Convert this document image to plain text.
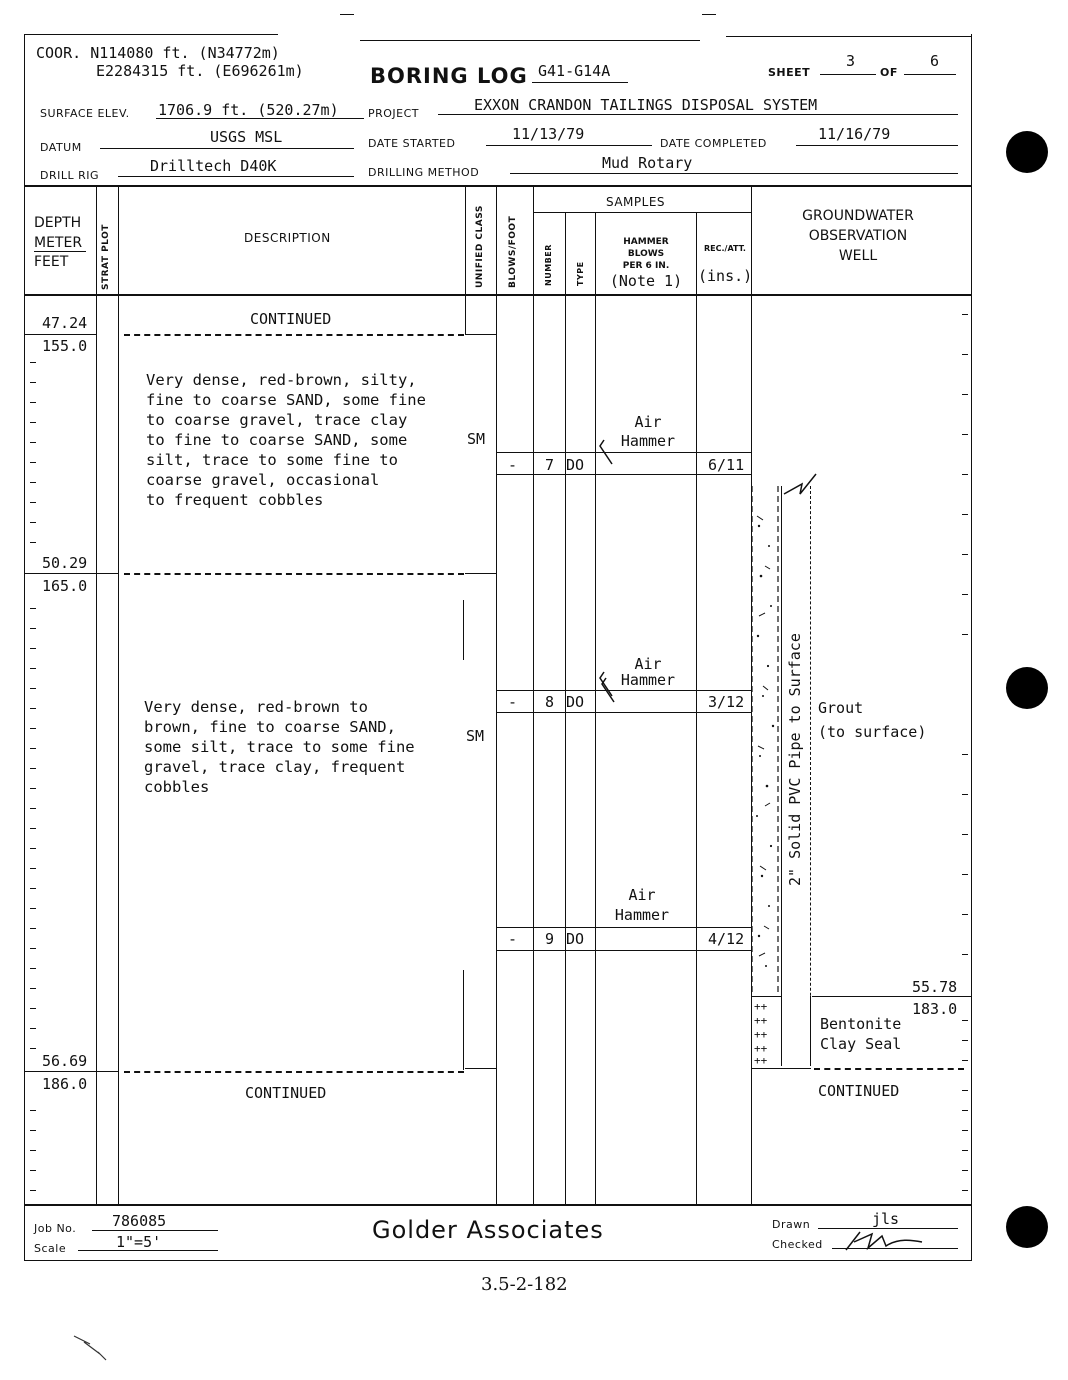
COOR. N114080 ft. (N34772m)
E2284315 ft. (E696261m)	BORING LOG G41-G14A	SHEET
3
OF
6
SURFACE ELEV. 1706.9 ft. (520.27m)	PROJECT	EXXON CRANDON TAILINGS DISPOSAL SYSTEM
DATUM
USGS MSL	DATE STARTED
11/13/79
DATE COMPLETED
11/16/79
DRILL RIG
Drilltech D40K	DRILLING METHOD
Mud Rotary
DEPTH
METER
FEET	STRAT PLOT	DESCRIPTION	UNIFIED CLASS	BLOWS/FOOT
SAMPLES
NUMBER	TYPE
HAMMER
BLOWS
PER 6 IN.
(Note 1)
REC./ATT.
(ins.)
GROUNDWATER
OBSERVATION
WELL
47.24
155.0
CONTINUED
Very dense, red-brown, silty,
fine to coarse SAND, some fine
to coarse gravel, trace clay
to fine to coarse SAND, some
silt, trace to some fine to
coarse gravel, occasional
to frequent cobbles
SM
50.29
165.0
Very dense, red-brown to
brown, fine to coarse SAND,
some silt, trace to some fine
gravel, trace clay, frequent
cobbles
SM
56.69
186.0	CONTINUED
Air
Hammer
- 7 DO	6/11
Air
Hammer
- 8 DO	3/12
Air
Hammer
- 9 DO	4/12
2" Solid PVC Pipe to Surface Grout
(to surface)
55.78
183.0
++
++
++
++
++
Bentonite
Clay Seal
CONTINUED
Job No. 786085
Scale	1"=5'	Golder Associates	Drawn	jls
Checked
3.5-2-182
